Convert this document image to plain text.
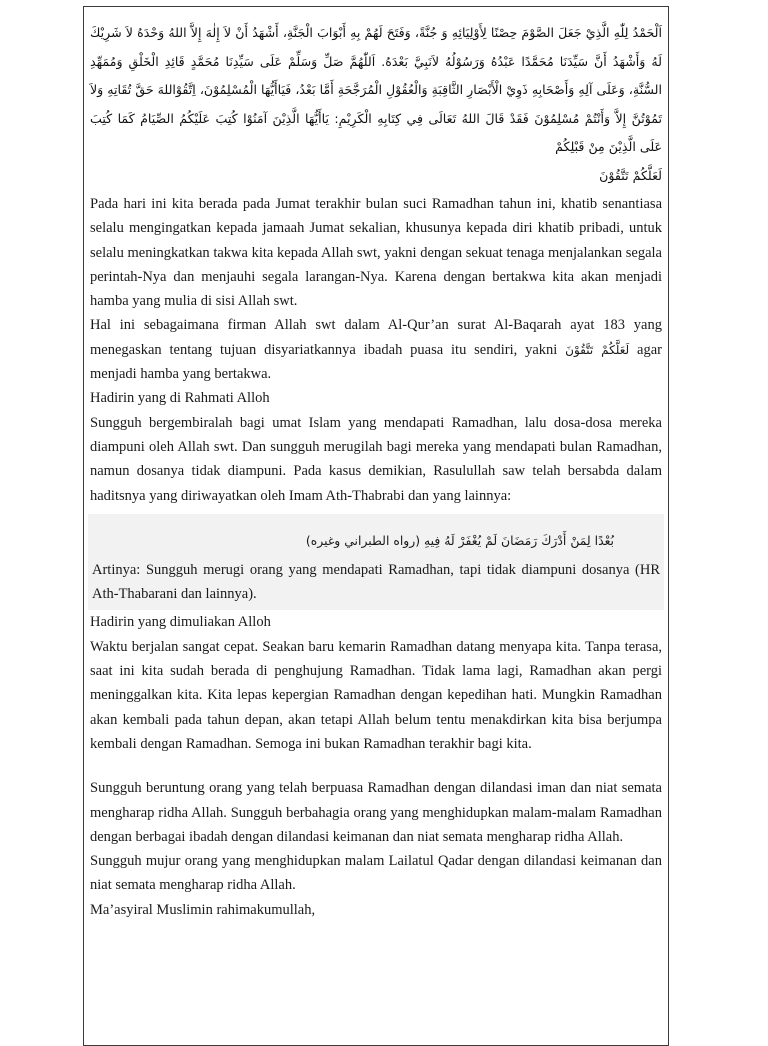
اَلْحَمْدُ لِلّٰهِ الَّذِيْ جَعَلَ الصَّوْمَ حِصْنًا لِأَوْلِيَائِهِ وَ جُنَّةً، وَفَتَحَ لَهُمْ بِهِ أَبْوَابَ الْجَنَّةِ، أَشْهَدُ أَنْ لاَ إِلٰهَ إِلاَّ اللهُ وَحْدَهُ لاَ شَرِيْكَ لَهُ وَأَشْهَدُ أَنَّ سَيِّدَنَا مُحَمَّدًا عَبْدُهُ وَرَسُوْلُهُ لاَنَبِيَّ بَعْدَهُ. اَللّٰهُمَّ صَلِّ وَسَلِّمْ عَلَى سَيِّدِنَا مُحَمَّدٍ قَائِدِ الْخَلْقِ وَمُمَهِّدِ السُّنَّةِ، وَعَلَى آلِهِ وَأَصْحَابِهِ ذَوِيْ الْأَبْصَارِ الثَّاقِبَةِ وَالْعُقُوْلِ الْمُرَجَّحَةِ أَمَّا بَعْدُ، فَيَاأَيُّهَا الْمُسْلِمُوْنَ، اِتَّقُوْاللهَ حَقَّ تُقَاتِهِ وَلاَ تَمُوْتُنَّ إِلاَّ وَأَنْتُمْ مُسْلِمُوْنَ فَقَدْ قَالَ اللهُ تَعَالَى فِي كِتَابِهِ الْكَرِيْمِ: يَاأَيُّهَا الَّذِيْنَ آمَنُوْا كُتِبَ عَلَيْكُمُ الصِّيَامُ كَمَا كُتِبَ عَلَى الَّذِيْنَ مِنْ قَبْلِكُمْ
لَعَلَّكُمْ تَتَّقُوْنَ

Pada hari ini kita berada pada Jumat terakhir bulan suci Ramadhan tahun ini, khatib senantiasa selalu mengingatkan kepada jamaah Jumat sekalian, khusunya kepada diri khatib pribadi, untuk selalu meningkatkan takwa kita kepada Allah swt, yakni dengan sekuat tenaga menjalankan segala perintah-Nya dan menjauhi segala larangan-Nya. Karena dengan bertakwa kita akan menjadi hamba yang mulia di sisi Allah swt.

Hal ini sebagaimana firman Allah swt dalam Al-Qur’an surat Al-Baqarah ayat 183 yang menegaskan tentang tujuan disyariatkannya ibadah puasa itu sendiri, yakni لَعَلَّكُمْ تَتَّقُوْنَ agar menjadi hamba yang bertakwa.

Hadirin yang di Rahmati Alloh

Sungguh bergembiralah bagi umat Islam yang mendapati Ramadhan, lalu dosa-dosa mereka diampuni oleh Allah swt. Dan sungguh merugilah bagi mereka yang mendapati bulan Ramadhan, namun dosanya tidak diampuni. Pada kasus demikian, Rasulullah saw telah bersabda dalam haditsnya yang diriwayatkan oleh Imam Ath-Thabrabi dan yang lainnya:

بُعْدًا لِمَنْ أَدْرَكَ رَمَضَانَ لَمْ يُغْفَرْ لَهُ فِيهِ (رواه الطبراني وغيره)

Artinya: Sungguh merugi orang yang mendapati Ramadhan, tapi tidak diampuni dosanya (HR Ath-Thabarani dan lainnya).

Hadirin yang dimuliakan Alloh

Waktu berjalan sangat cepat. Seakan baru kemarin Ramadhan datang menyapa kita. Tanpa terasa, saat ini kita sudah berada di penghujung Ramadhan. Tidak lama lagi, Ramadhan akan pergi meninggalkan kita. Kita lepas kepergian Ramadhan dengan kepedihan hati. Mungkin Ramadhan akan kembali pada tahun depan, akan tetapi Allah belum tentu menakdirkan kita bisa berjumpa kembali dengan Ramadhan. Semoga ini bukan Ramadhan terakhir bagi kita.

Sungguh beruntung orang yang telah berpuasa Ramadhan dengan dilandasi iman dan niat semata mengharap ridha Allah. Sungguh berbahagia orang yang menghidupkan malam-malam Ramadhan dengan berbagai ibadah dengan dilandasi keimanan dan niat semata mengharap ridha Allah.

Sungguh mujur orang yang menghidupkan malam Lailatul Qadar dengan dilandasi keimanan dan niat semata mengharap ridha Allah.

Ma’asyiral Muslimin rahimakumullah,
